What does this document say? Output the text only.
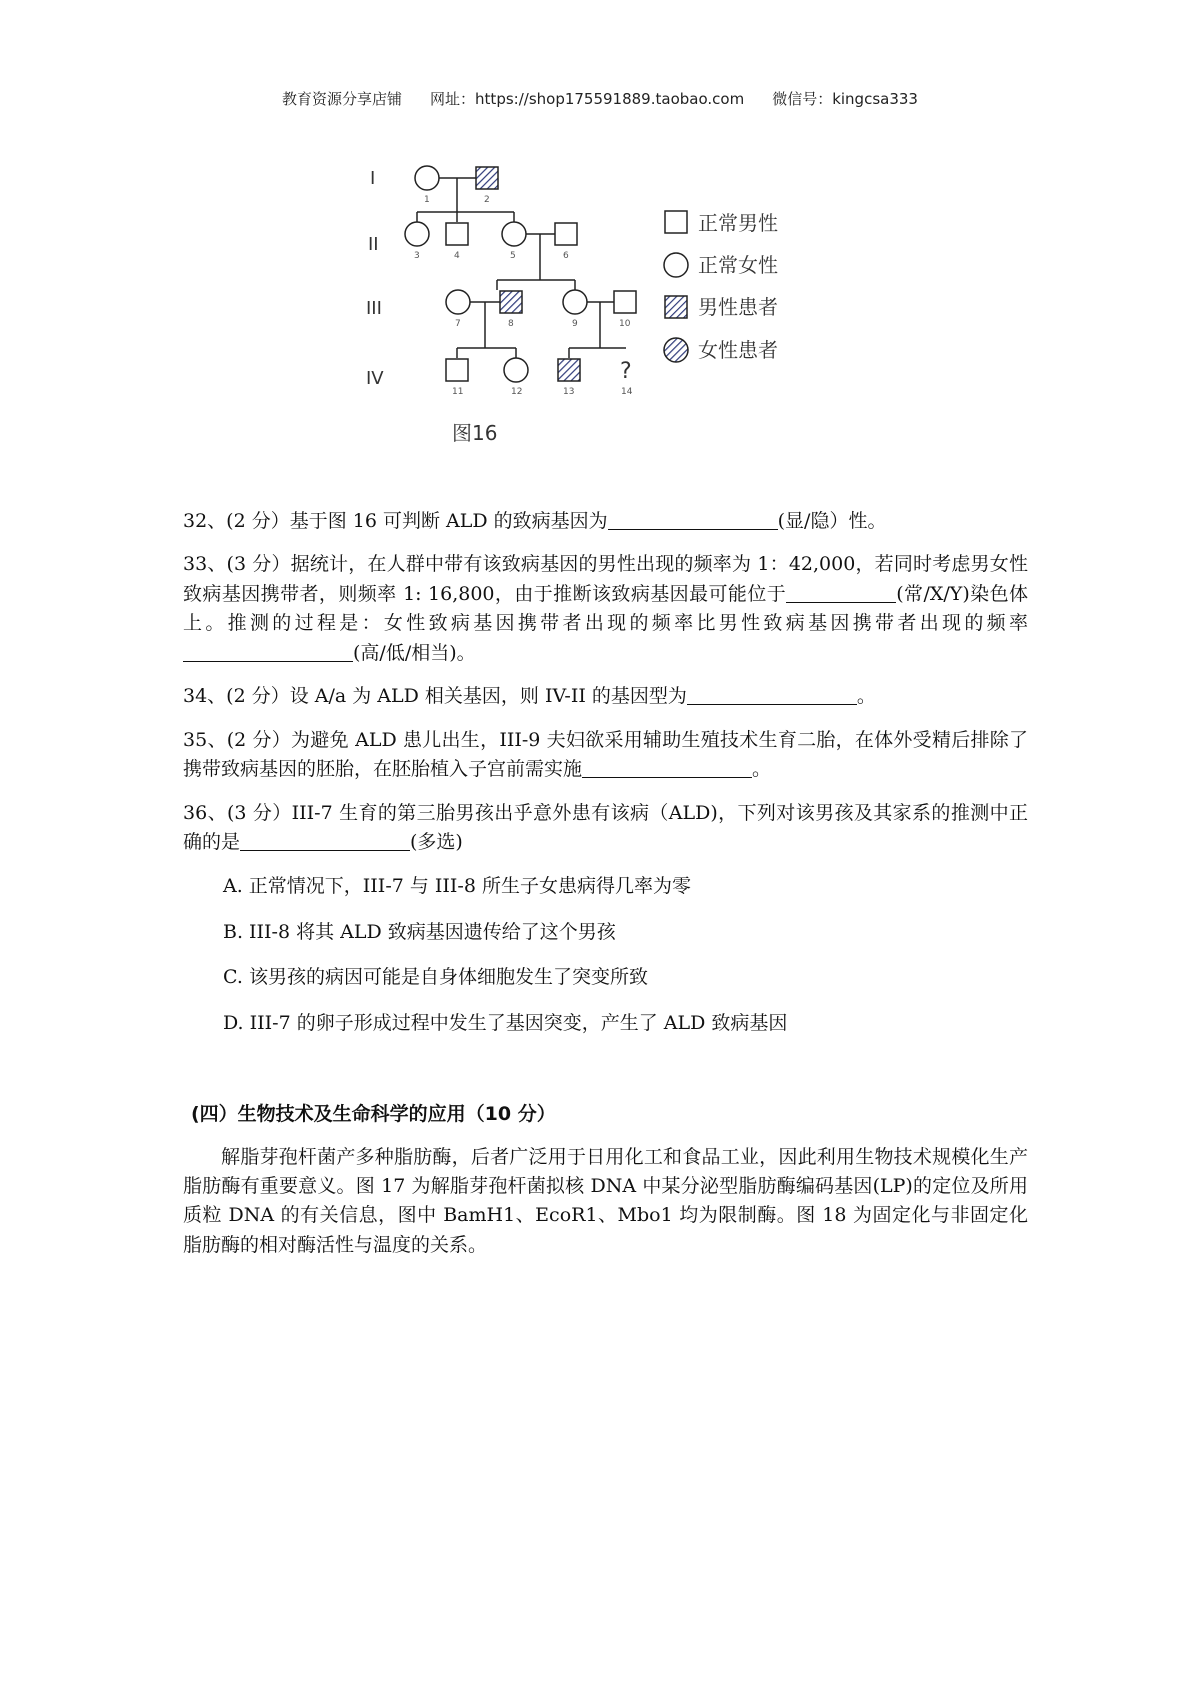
教育资源分享店铺 网址：https://shop175591889.taobao.com 微信号：kingcsa333
I
II
III
IV
1	2
3	4	5	6
7	8	9	10
?
11	12	13	14
正常男性
正常女性
男性患者
女性患者
图16

32、(2 分）基于图 16 可判断 ALD 的致病基因为	(显/隐）性。

33、(3 分）据统计，在人群中带有该致病基因的男性出现的频率为 1：42,000，若同时考虑男女性致病基因携带者，则频率 1: 16,800，由于推断该致病基因最可能位于	(常/X/Y)染色体上。推测的过程是：女性致病基因携带者出现的频率比男性致病基因携带者出现的频率(高/低/相当)。

34、(2 分）设 A/a 为 ALD 相关基因，则 IV-II 的基因型为	。

35、(2 分）为避免 ALD 患儿出生，III-9 夫妇欲采用辅助生殖技术生育二胎，在体外受精后排除了携带致病基因的胚胎，在胚胎植入子宫前需实施	。

36、(3 分）III-7 生育的第三胎男孩出乎意外患有该病（ALD)，下列对该男孩及其家系的推测中正确的是	(多选)

A. 正常情况下，III-7 与 III-8 所生子女患病得几率为零

B. III-8 将其 ALD 致病基因遗传给了这个男孩

C. 该男孩的病因可能是自身体细胞发生了突变所致

D. III-7 的卵子形成过程中发生了基因突变，产生了 ALD 致病基因

(四）生物技术及生命科学的应用（10 分）

解脂芽孢杆菌产多种脂肪酶，后者广泛用于日用化工和食品工业，因此利用生物技术规模化生产脂肪酶有重要意义。图 17 为解脂芽孢杆菌拟核 DNA 中某分泌型脂肪酶编码基因(LP)的定位及所用质粒 DNA 的有关信息，图中 BamH1、EcoR1、Mbo1 均为限制酶。图 18 为固定化与非固定化脂肪酶的相对酶活性与温度的关系。
